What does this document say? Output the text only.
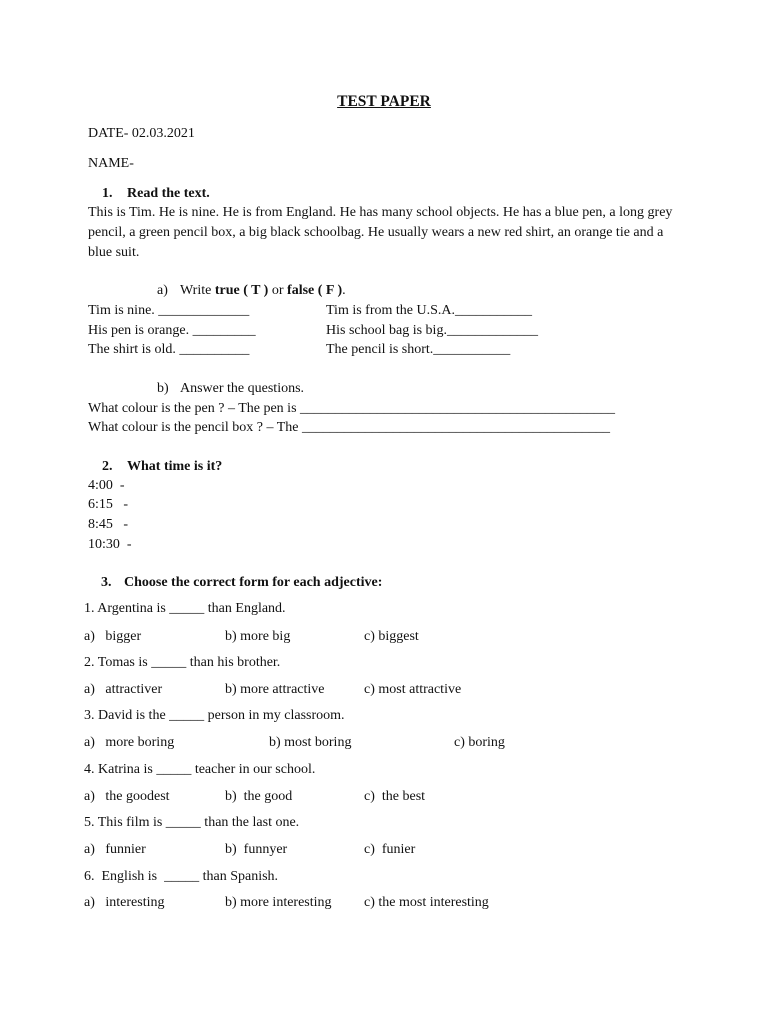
TEST PAPER
DATE- 02.03.2021
NAME-
1. Read the text.
This is Tim. He is nine. He is from England. He has many school objects. He has a blue pen, a long grey pencil, a green pencil box, a big black schoolbag. He usually wears a new red shirt, an orange tie and a blue suit.
a) Write true ( T ) or false ( F ).
Tim is nine. _____________	Tim is from the U.S.A.___________
His pen is orange. _________	His school bag is big._____________
The shirt is old. __________	The pencil is short.___________
b) Answer the questions.
What colour is the pen ? – The pen is _____________________________________________
What colour is the pencil box ? – The ____________________________________________
2. What time is it?
4:00  -
6:15   -
8:45   -
10:30  -
3. Choose the correct form for each adjective:
1. Argentina is _____ than England.
a)   bigger	b) more big	c) biggest
2. Tomas is _____ than his brother.
a)   attractiver	b) more attractive	c) most attractive
3. David is the _____ person in my classroom.
a)   more boring	b) most boring	c) boring
4. Katrina is _____ teacher in our school.
a)   the goodest	b)  the good	c)  the best
5. This film is _____ than the last one.
a)   funnier	b)  funnyer	c)  funier
6.  English is  _____ than Spanish.
a)   interesting	b) more interesting c) the most interesting
